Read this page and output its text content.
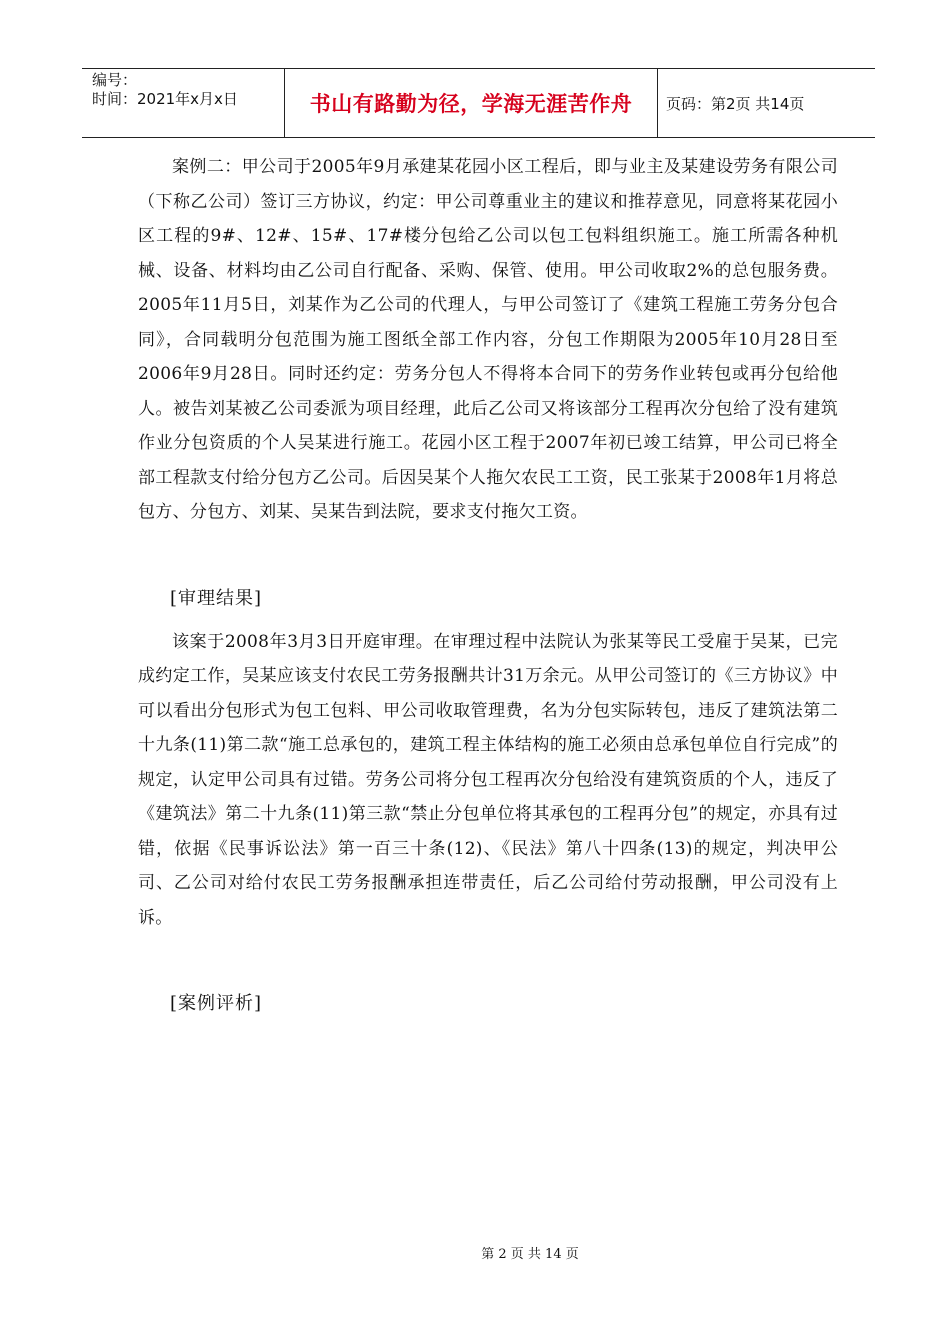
编号：
时间：2021年x月x日	书山有路勤为径，学海无涯苦作舟	页码：第2页 共14页

案例二：甲公司于2005年9月承建某花园小区工程后，即与业主及某建设劳务有限公司（下称乙公司）签订三方协议，约定：甲公司尊重业主的建议和推荐意见，同意将某花园小区工程的9#、12#、15#、17#楼分包给乙公司以包工包料组织施工。施工所需各种机械、设备、材料均由乙公司自行配备、采购、保管、使用。甲公司收取2%的总包服务费。2005年11月5日，刘某作为乙公司的代理人，与甲公司签订了《建筑工程施工劳务分包合同》，合同载明分包范围为施工图纸全部工作内容，分包工作期限为2005年10月28日至2006年9月28日。同时还约定：劳务分包人不得将本合同下的劳务作业转包或再分包给他人。被告刘某被乙公司委派为项目经理，此后乙公司又将该部分工程再次分包给了没有建筑作业分包资质的个人吴某进行施工。花园小区工程于2007年初已竣工结算，甲公司已将全部工程款支付给分包方乙公司。后因吴某个人拖欠农民工工资，民工张某于2008年1月将总包方、分包方、刘某、吴某告到法院，要求支付拖欠工资。

[审理结果]

该案于2008年3月3日开庭审理。在审理过程中法院认为张某等民工受雇于吴某，已完成约定工作，吴某应该支付农民工劳务报酬共计31万余元。从甲公司签订的《三方协议》中可以看出分包形式为包工包料、甲公司收取管理费，名为分包实际转包，违反了建筑法第二十九条(11)第二款“施工总承包的，建筑工程主体结构的施工必须由总承包单位自行完成”的规定，认定甲公司具有过错。劳务公司将分包工程再次分包给没有建筑资质的个人，违反了《建筑法》第二十九条(11)第三款“禁止分包单位将其承包的工程再分包”的规定，亦具有过错，依据《民事诉讼法》第一百三十条(12)、《民法》第八十四条(13)的规定，判决甲公司、乙公司对给付农民工劳务报酬承担连带责任，后乙公司给付劳动报酬，甲公司没有上诉。

[案例评析]

第 2 页 共 14 页
